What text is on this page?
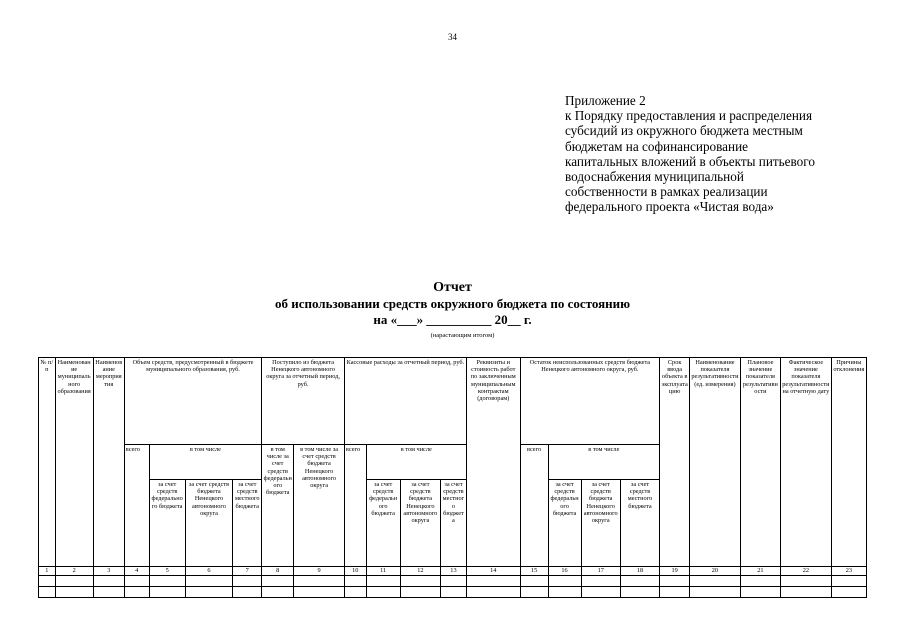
34
Приложение 2
к Порядку предоставления и распределения
субсидий из окружного бюджета местным
бюджетам на софинансирование
капитальных вложений в объекты питьевого
водоснабжения муниципальной
собственности в рамках реализации
федерального проекта «Чистая вода»
Отчет
об использовании средств окружного бюджета по состоянию
на «___» __________ 20__ г.
(нарастающим итогом)
№ п/п	Наименование муниципального образования	Наименование мероприятия	Объем средств, предусмотренный в бюджете муниципального образования, руб.				Поступило из бюджета Ненецкого автономного округа за отчетный период, руб.		Кассовые расходы за отчетный период, руб.				Реквизиты и стоимость работ по заключенным муниципальным контрактам (договорам)	Остаток неиспользованных средств бюджета Ненецкого автономного округа, руб.				Срок ввода объекта в эксплуатацию	Наименование показателя результативности (ед. измерения)	Плановое значение показателя результативности	Фактическое значение показателя результативности на отчетную дату	Причины отклонения
			всего	в том числе			в том числе за счет средств федерального бюджета	в том числе за счет средств бюджета Ненецкого автономного округа	всего	в том числе				всего	в том числе							
				за счет средств федерального бюджета	за счет средств бюджета Ненецкого автономного округа	за счет средств местного бюджета				за счет средств федерального бюджета	за счет средств бюджета Ненецкого автономного округа	за счет средств местного бюджета			за счет средств федерального бюджета	за счет средств бюджета Ненецкого автономного округа	за счет средств местного бюджета					
1	2	3	4	5	6	7	8	9	10	11	12	13	14	15	16	17	18	19	20	21	22	23
